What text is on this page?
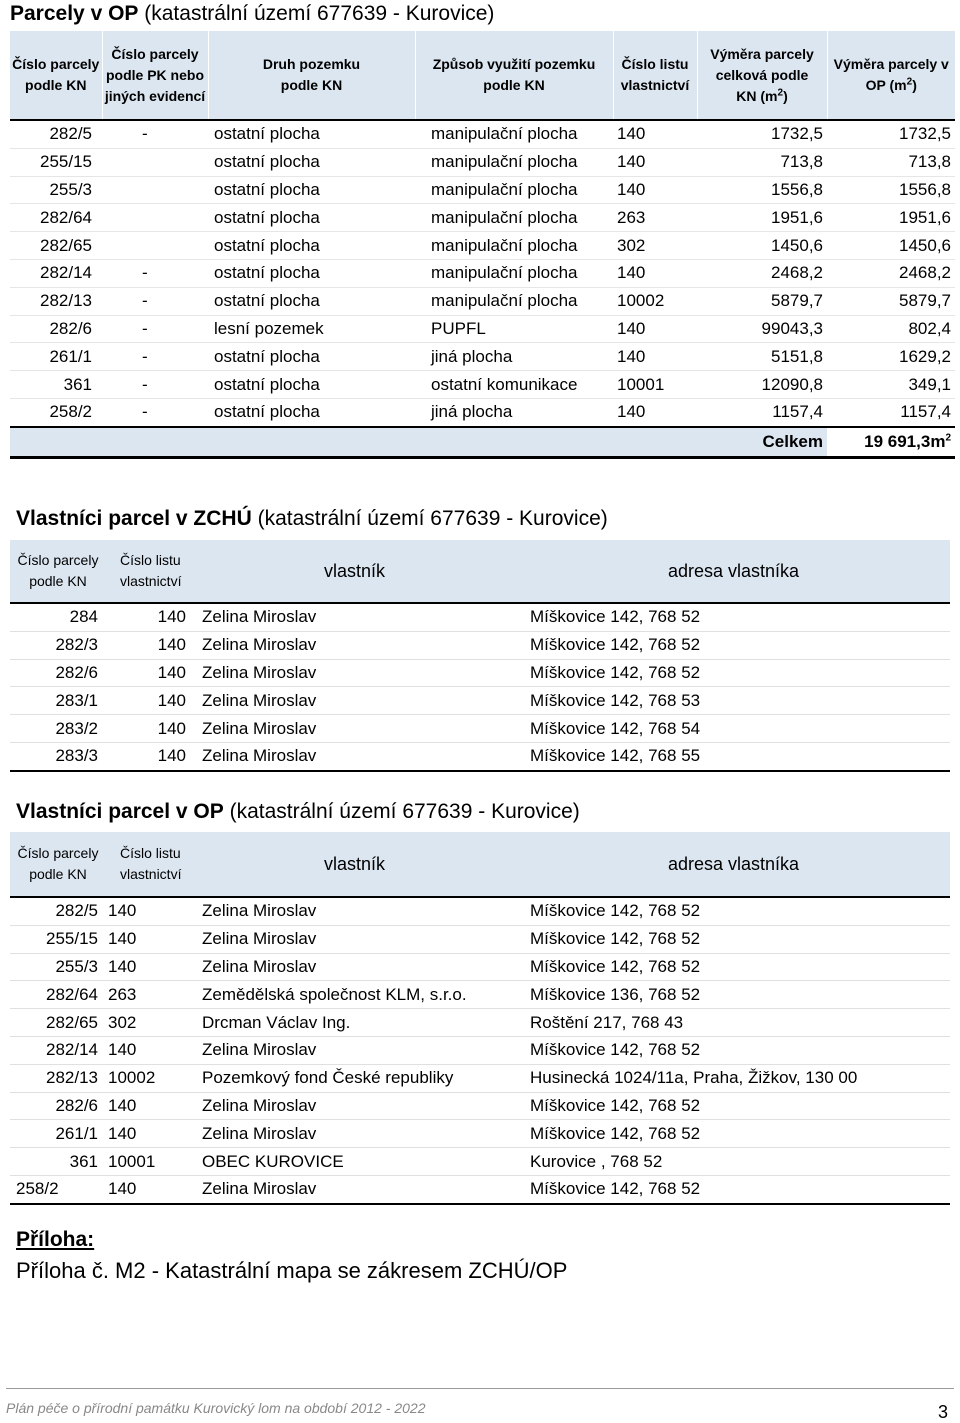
Parcely v OP (katastrální území 677639 - Kurovice)
Číslo parcely podle KN	Číslo parcely podle PK nebo jiných evidencí	Druh pozemku podle KN	Způsob využití pozemku podle KN	Číslo listu vlastnictví	Výměra parcely celková podle KN $(m^2)$	Výměra parcely v OP $(m^2)$
282/5	-	ostatní plocha	manipulační plocha	140	1732,5	1732,5
255/15		ostatní plocha	manipulační plocha	140	713,8	713,8
255/3		ostatní plocha	manipulační plocha	140	1556,8	1556,8
282/64		ostatní plocha	manipulační plocha	263	1951,6	1951,6
282/65		ostatní plocha	manipulační plocha	302	1450,6	1450,6
282/14	-	ostatní plocha	manipulační plocha	140	2468,2	2468,2
282/13	-	ostatní plocha	manipulační plocha	10002	5879,7	5879,7
282/6	-	lesní pozemek	PUPFL	140	99043,3	802,4
261/1	-	ostatní plocha	jiná plocha	140	5151,8	1629,2
361	-	ostatní plocha	ostatní komunikace	10001	12090,8	349,1
258/2	-	ostatní plocha	jiná plocha	140	1157,4	1157,4
Celkem						19 $691,3m^2$
Vlastníci parcel v ZCHÚ (katastrální území 677639 - Kurovice)
Číslo parcely podle KN	Číslo listu vlastnictví	vlastník	adresa vlastníka
284	140	Zelina Miroslav	Míškovice 142, 768 52
282/3	140	Zelina Miroslav	Míškovice 142, 768 52
282/6	140	Zelina Miroslav	Míškovice 142, 768 52
283/1	140	Zelina Miroslav	Míškovice 142, 768 53
283/2	140	Zelina Miroslav	Míškovice 142, 768 54
283/3	140	Zelina Miroslav	Míškovice 142, 768 55
Vlastníci parcel v OP (katastrální území 677639 - Kurovice)
Číslo parcely podle KN	Číslo listu vlastnictví	vlastník	adresa vlastníka
282/5	140	Zelina Miroslav	Míškovice 142, 768 52
255/15	140	Zelina Miroslav	Míškovice 142, 768 52
255/3	140	Zelina Miroslav	Míškovice 142, 768 52
282/64	263	Zemědělská společnost KLM, s.r.o.	Míškovice 136, 768 52
282/65	302	Drcman Václav Ing.	Roštění 217, 768 43
282/14	140	Zelina Miroslav	Míškovice 142, 768 52
282/13	10002	Pozemkový fond České republiky	Husinecká 1024/11a, Praha, Žižkov, 130 00
282/6	140	Zelina Miroslav	Míškovice 142, 768 52
261/1	140	Zelina Miroslav	Míškovice 142, 768 52
361	10001	OBEC KUROVICE	Kurovice , 768 52
258/2	140	Zelina Miroslav	Míškovice 142, 768 52
Příloha:
Příloha č. M2 - Katastrální mapa se zákresem ZCHÚ/OP
Plán péče o přírodní památku Kurovický lom na období 2012 - 2022	3
